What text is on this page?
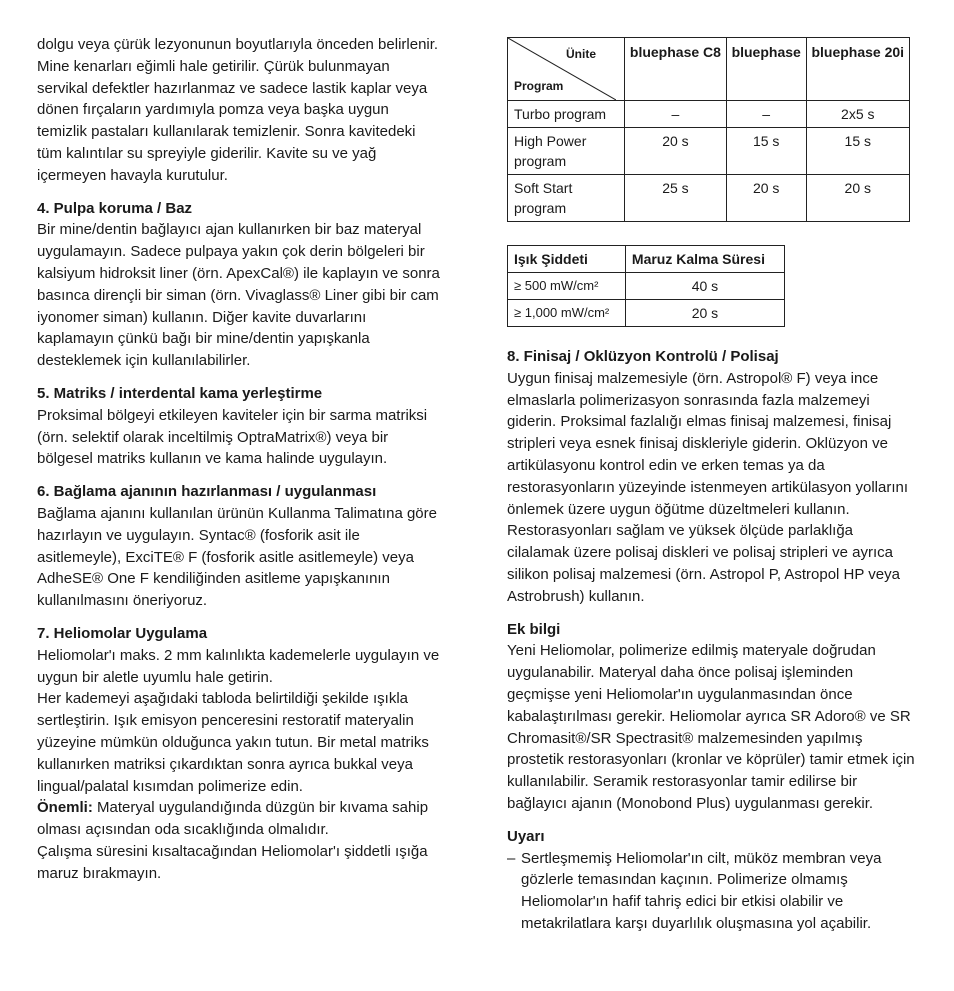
dolgu veya çürük lezyonunun boyutlarıyla önceden belirlenir.

Mine kenarları eğimli hale getirilir. Çürük bulunmayan servikal defektler hazırlanmaz ve sadece lastik kaplar veya dönen fırçaların yardımıyla pomza veya başka uygun temizlik pastaları kullanılarak temizlenir. Sonra kavitedeki tüm kalıntılar su spreyiyle giderilir. Kavite su ve yağ içermeyen havayla kurutulur.

4. Pulpa koruma / Baz

Bir mine/dentin bağlayıcı ajan kullanırken bir baz materyal uygulamayın. Sadece pulpaya yakın çok derin bölgeleri bir kalsiyum hidroksit liner (örn. ApexCal®) ile kaplayın ve sonra basınca dirençli bir siman (örn. Vivaglass® Liner gibi bir cam iyonomer siman) kullanın. Diğer kavite duvarlarını kaplamayın çünkü bağı bir mine/dentin yapışkanla desteklemek için kullanılabilirler.

5. Matriks / interdental kama yerleştirme

Proksimal bölgeyi etkileyen kaviteler için bir sarma matriksi (örn. selektif olarak inceltilmiş OptraMatrix®) veya bir bölgesel matriks kullanın ve kama halinde uygulayın.

6. Bağlama ajanının hazırlanması / uygulanması

Bağlama ajanını kullanılan ürünün Kullanma Talimatına göre hazırlayın ve uygulayın. Syntac® (fosforik asit ile asitlemeyle), ExciTE® F (fosforik asitle asitlemeyle) veya AdheSE® One F kendiliğinden asitleme yapışkanının kullanılmasını öneriyoruz.

7. Heliomolar Uygulama

Heliomolar'ı maks. 2 mm kalınlıkta kademelerle uygulayın ve uygun bir aletle uyumlu hale getirin.

Her kademeyi aşağıdaki tabloda belirtildiği şekilde ışıkla sertleştirin. Işık emisyon penceresini restoratif materyalin yüzeyine mümkün olduğunca yakın tutun. Bir metal matriks kullanırken matriksi çıkardıktan sonra ayrıca bukkal veya lingual/palatal kısımdan polimerize edin.

Önemli: Materyal uygulandığında düzgün bir kıvama sahip olması açısından oda sıcaklığında olmalıdır.

Çalışma süresini kısaltacağından Heliomolar'ı şiddetli ışığa maruz bırakmayın.

Ünite
Program	bluephase C8	bluephase	bluephase 20i
Turbo program	–	–	2x5 s
High Power program	20 s	15 s	15 s
Soft Start program	25 s	20 s	20 s
Işık Şiddeti	Maruz Kalma Süresi
≥ 500 mW/cm²	40 s
≥ 1,000 mW/cm²	20 s
8. Finisaj / Oklüzyon Kontrolü / Polisaj

Uygun finisaj malzemesiyle (örn. Astropol® F) veya ince elmaslarla polimerizasyon sonrasında fazla malzemeyi giderin. Proksimal fazlalığı elmas finisaj malzemesi, finisaj stripleri veya esnek finisaj diskleriyle giderin. Oklüzyon ve artikülasyonu kontrol edin ve erken temas ya da restorasyonların yüzeyinde istenmeyen artikülasyon yollarını önlemek üzere uygun öğütme düzeltmeleri kullanın. Restorasyonları sağlam ve yüksek ölçüde parlaklığa cilalamak üzere polisaj diskleri ve polisaj stripleri ve ayrıca silikon polisaj malzemesi (örn. Astropol P, Astropol HP veya Astrobrush) kullanın.

Ek bilgi

Yeni Heliomolar, polimerize edilmiş materyale doğrudan uygulanabilir. Materyal daha önce polisaj işleminden geçmişse yeni Heliomolar'ın uygulanmasından önce kabalaştırılması gerekir. Heliomolar ayrıca SR Adoro® ve SR Chromasit®/SR Spectrasit® malzemesinden yapılmış prostetik restorasyonları (kronlar ve köprüler) tamir etmek için kullanılabilir. Seramik restorasyonlar tamir edilirse bir bağlayıcı ajanın (Monobond Plus) uygulanması gerekir.

Uyarı
– Sertleşmemiş Heliomolar'ın cilt, müköz membran veya gözlerle temasından kaçının. Polimerize olmamış Heliomolar'ın hafif tahriş edici bir etkisi olabilir ve metakrilatlara karşı duyarlılık oluşmasına yol açabilir.
